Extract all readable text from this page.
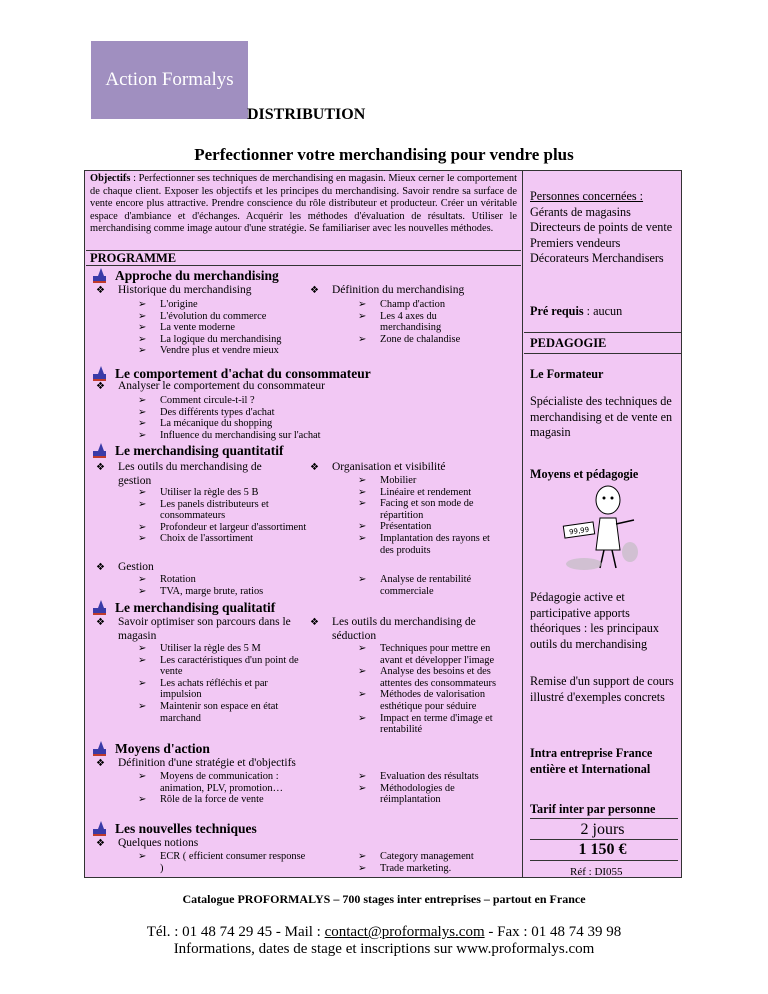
Action Formalys
DISTRIBUTION
Perfectionner votre merchandising pour vendre plus
Objectifs : Perfectionner ses techniques de merchandising en magasin. Mieux cerner le comportement de chaque client. Exposer les objectifs et les principes du merchandising. Savoir rendre sa surface de vente encore plus attractive. Prendre conscience du rôle distributeur et producteur. Créer un véritable espace d'ambiance et d'échanges. Acquérir les méthodes d'évaluation de résultats. Utiliser le merchandising comme image autour d'une stratégie. Se familiariser avec les nouvelles méthodes.
PROGRAMME
Approche du merchandising
❖ Historique du merchandising
➢ L'origine
➢ L'évolution du commerce
➢ La vente moderne
➢ La logique du merchandising
➢ Vendre plus et vendre mieux
❖ Définition du merchandising
➢ Champ d'action
➢ Les 4 axes du merchandising
➢ Zone de chalandise
Le comportement d'achat du consommateur
❖ Analyser le comportement du consommateur
➢ Comment circule-t-il ?
➢ Des différents types d'achat
➢ La mécanique du shopping
➢ Influence du merchandising sur l'achat
Le merchandising quantitatif
❖ Les outils du merchandising de gestion
➢ Utiliser la règle des 5 B
➢ Les panels distributeurs et consommateurs
➢ Profondeur et largeur d'assortiment
➢ Choix de l'assortiment
❖ Organisation et visibilité
➢ Mobilier
➢ Linéaire et rendement
➢ Facing et son mode de répartition
➢ Présentation
➢ Implantation des rayons et des produits
❖ Gestion
➢ Rotation
➢ TVA, marge brute, ratios
➢ Analyse de rentabilité commerciale
Le merchandising qualitatif
❖ Savoir optimiser son parcours dans le magasin
➢ Utiliser la règle des 5 M
➢ Les caractéristiques d'un point de vente
➢ Les achats réfléchis et par impulsion
➢ Maintenir son espace en état marchand
❖ Les outils du merchandising de séduction
➢ Techniques pour mettre en avant et développer l'image
➢ Analyse des besoins et des attentes des consommateurs
➢ Méthodes de valorisation esthétique pour séduire
➢ Impact en terme d'image et rentabilité
Moyens d'action
❖ Définition d'une stratégie et d'objectifs
➢ Moyens de communication : animation, PLV, promotion…
➢ Rôle de la force de vente
➢ Evaluation des résultats
➢ Méthodologies de réimplantation
Les nouvelles techniques
❖ Quelques notions
➢ ECR ( efficient consumer response )
➢ Category management
➢ Trade marketing.
Personnes concernées :
Gérants de magasins Directeurs de points de vente Premiers vendeurs Décorateurs Merchandisers
Pré requis : aucun
PEDAGOGIE
Le Formateur
Spécialiste des techniques de merchandising et de vente en magasin
Moyens et pédagogie
99,99
Pédagogie active et participative apports théoriques : les principaux outils du merchandising
Remise d'un support de cours illustré d'exemples concrets
Intra entreprise France entière et International
Tarif inter par personne
2 jours
1 150 €
Réf : DI055
Catalogue PROFORMALYS – 700 stages inter entreprises – partout en France
Tél. : 01 48 74 29 45 - Mail : contact@proformalys.com - Fax : 01 48 74 39 98
Informations, dates de stage et inscriptions sur www.proformalys.com
